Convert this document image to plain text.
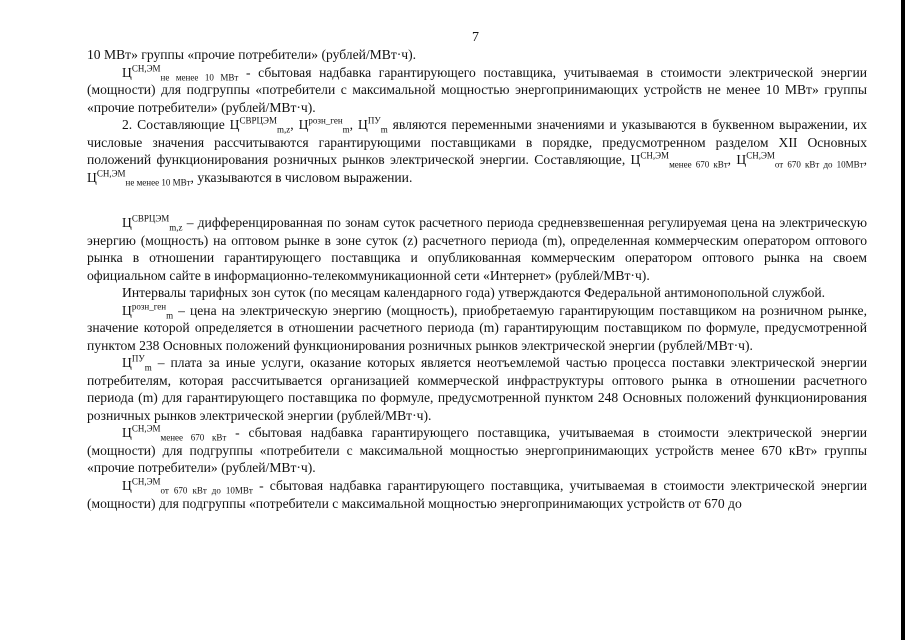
7

10 МВт» группы «прочие потребители» (рублей/МВт·ч).

$Ц^{СН,ЭМ}_{не менее 10 МВт}$ - сбытовая надбавка гарантирующего поставщика, учитываемая в стоимости электрической энергии (мощности) для подгруппы «потребители с максимальной мощностью энергопринимающих устройств не менее 10 МВт» группы «прочие потребители» (рублей/МВт·ч).

2. Составляющие $Ц^{СВРЦЭМ}_{m,z}$, $Ц^{розн\_ген}_m$, $Ц^{ПУ}_m$ являются переменными значениями и указываются в буквенном выражении, их числовые значения рассчитываются гарантирующими поставщиками в порядке, предусмотренном разделом XII Основных положений функционирования розничных рынков электрической энергии. Составляющие, $Ц^{СН,ЭМ}_{менее 670 кВт}$, $Ц^{СН,ЭМ}_{от 670 кВт до 10МВт}$, $Ц^{СН,ЭМ}_{не менее 10 МВт}$, указываются в числовом выражении.

$Ц^{СВРЦЭМ}_{m,z}$ – дифференцированная по зонам суток расчетного периода средневзвешенная регулируемая цена на электрическую энергию (мощность) на оптовом рынке в зоне суток (z) расчетного периода (m), определенная коммерческим оператором оптового рынка в отношении гарантирующего поставщика и опубликованная коммерческим оператором оптового рынка на своем официальном сайте в информационно-телекоммуникационной сети «Интернет» (рублей/МВт·ч).

Интервалы тарифных зон суток (по месяцам календарного года) утверждаются Федеральной антимонопольной службой.

$Ц^{розн\_ген}_m$ – цена на электрическую энергию (мощность), приобретаемую гарантирующим поставщиком на розничном рынке, значение которой определяется в отношении расчетного периода (m) гарантирующим поставщиком по формуле, предусмотренной пунктом 238 Основных положений функционирования розничных рынков электрической энергии (рублей/МВт·ч).

$Ц^{ПУ}_m$ – плата за иные услуги, оказание которых является неотъемлемой частью процесса поставки электрической энергии потребителям, которая рассчитывается организацией коммерческой инфраструктуры оптового рынка в отношении расчетного периода (m) для гарантирующего поставщика по формуле, предусмотренной пунктом 248 Основных положений функционирования розничных рынков электрической энергии (рублей/МВт·ч).

$Ц^{СН,ЭМ}_{менее 670 кВт}$ - сбытовая надбавка гарантирующего поставщика, учитываемая в стоимости электрической энергии (мощности) для подгруппы «потребители с максимальной мощностью энергопринимающих устройств менее 670 кВт» группы «прочие потребители» (рублей/МВт·ч).

$Ц^{СН,ЭМ}_{от 670 кВт до 10МВт}$ - сбытовая надбавка гарантирующего поставщика, учитываемая в стоимости электрической энергии (мощности) для подгруппы «потребители с максимальной мощностью энергопринимающих устройств от 670 до
